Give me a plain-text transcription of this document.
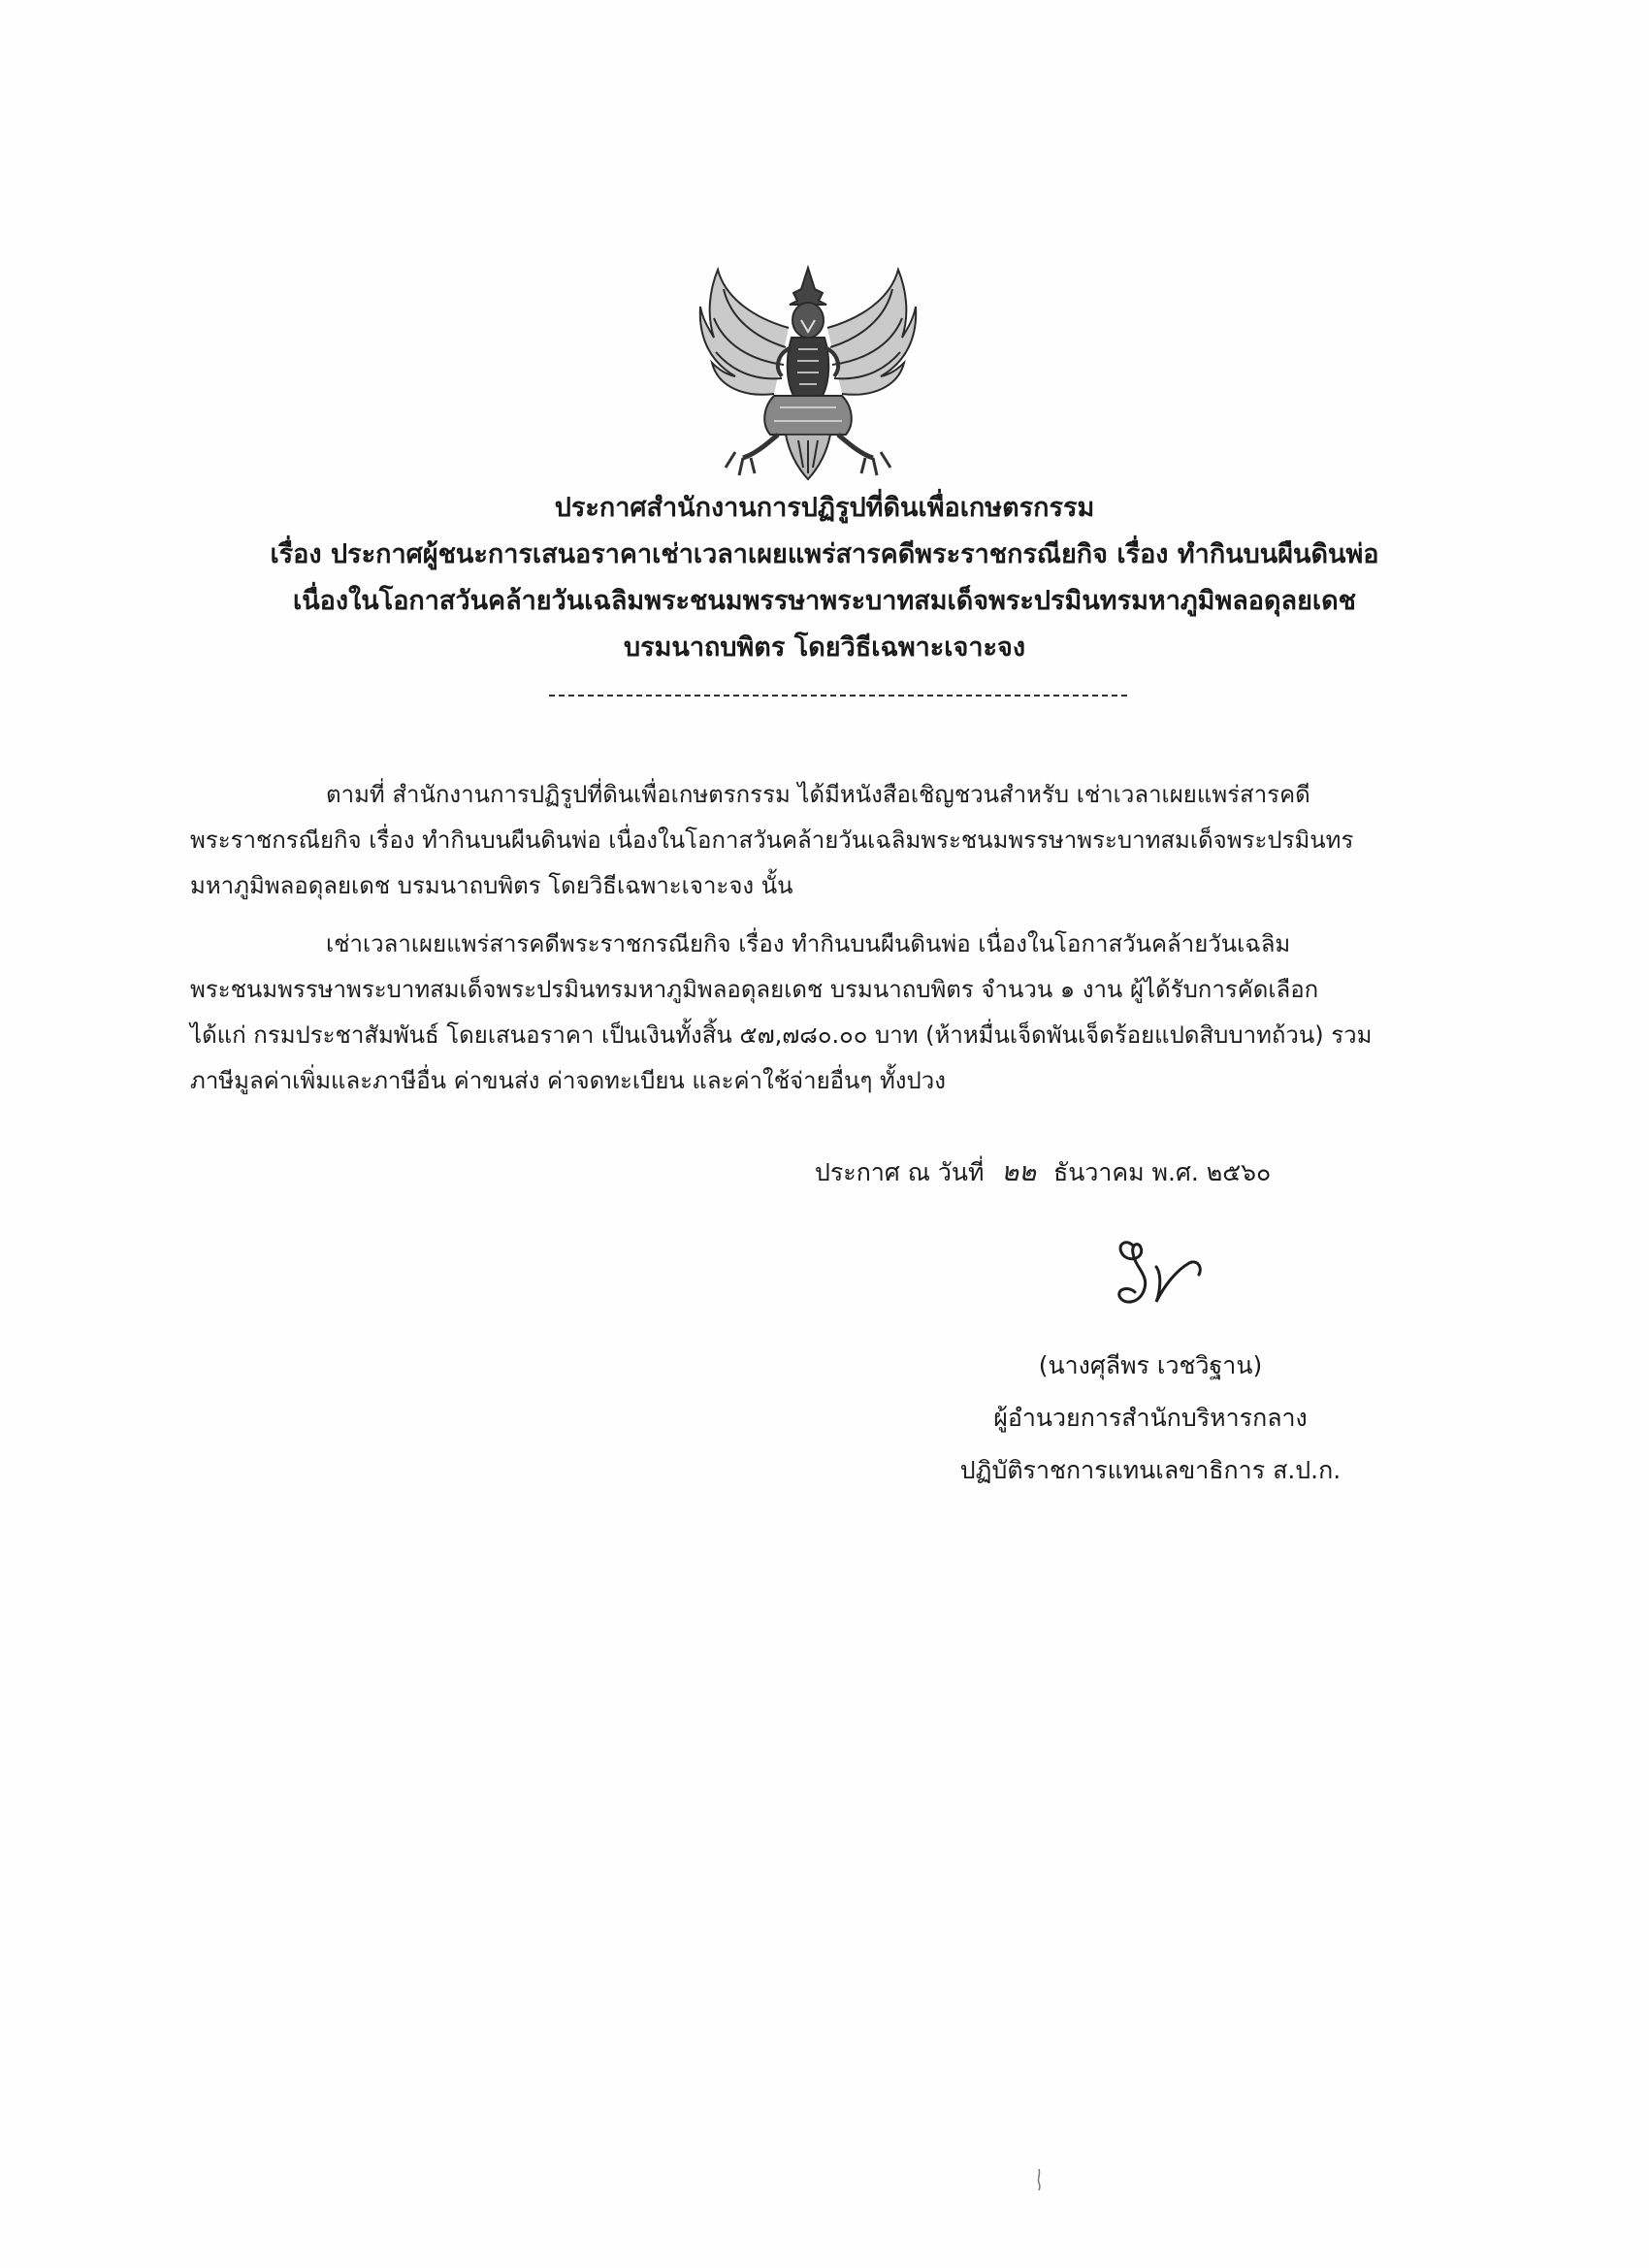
ประกาศสำนักงานการปฏิรูปที่ดินเพื่อเกษตรกรรม
เรื่อง ประกาศผู้ชนะการเสนอราคาเช่าเวลาเผยแพร่สารคดีพระราชกรณียกิจ เรื่อง ทำกินบนผืนดินพ่อ
เนื่องในโอกาสวันคล้ายวันเฉลิมพระชนมพรรษาพระบาทสมเด็จพระปรมินทรมหาภูมิพลอดุลยเดช
บรมนาถบพิตร โดยวิธีเฉพาะเจาะจง
ตามที่ สำนักงานการปฏิรูปที่ดินเพื่อเกษตรกรรม ได้มีหนังสือเชิญชวนสำหรับ เช่าเวลาเผยแพร่สารคดี
พระราชกรณียกิจ เรื่อง ทำกินบนผืนดินพ่อ เนื่องในโอกาสวันคล้ายวันเฉลิมพระชนมพรรษาพระบาทสมเด็จพระปรมินทร
มหาภูมิพลอดุลยเดช บรมนาถบพิตร โดยวิธีเฉพาะเจาะจง นั้น
เช่าเวลาเผยแพร่สารคดีพระราชกรณียกิจ เรื่อง ทำกินบนผืนดินพ่อ เนื่องในโอกาสวันคล้ายวันเฉลิม
พระชนมพรรษาพระบาทสมเด็จพระปรมินทรมหาภูมิพลอดุลยเดช บรมนาถบพิตร จำนวน ๑ งาน ผู้ได้รับการคัดเลือก
ได้แก่ กรมประชาสัมพันธ์ โดยเสนอราคา เป็นเงินทั้งสิ้น ๕๗,๗๘๐.๐๐ บาท (ห้าหมื่นเจ็ดพันเจ็ดร้อยแปดสิบบาทถ้วน) รวม
ภาษีมูลค่าเพิ่มและภาษีอื่น ค่าขนส่ง ค่าจดทะเบียน และค่าใช้จ่ายอื่นๆ ทั้งปวง
ประกาศ ณ วันที่ ๒๒ ธันวาคม พ.ศ. ๒๕๖๐
(นางศุลีพร เวชวิฐาน)
ผู้อำนวยการสำนักบริหารกลาง
ปฏิบัติราชการแทนเลขาธิการ ส.ป.ก.
